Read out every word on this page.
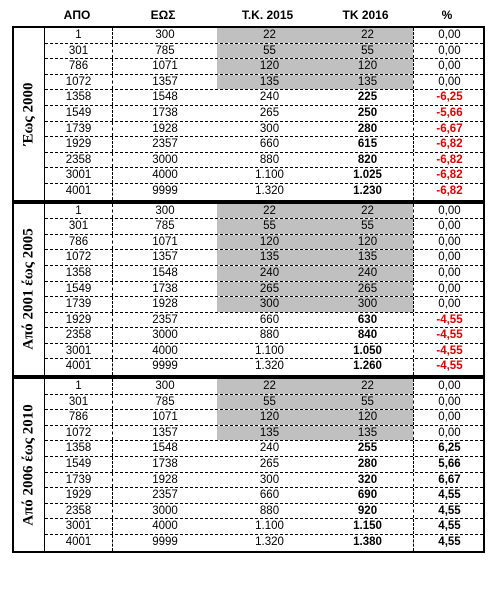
ΑΠΟ	ΕΩΣ	Τ.Κ. 2015	ΤΚ 2016	%
Έως 2000
1	300	22	22	0,00
301	785	55	55	0,00
786	1071	120	120	0,00
1072	1357	135	135	0,00
1358	1548	240	225	-6,25
1549	1738	265	250	-5,66
1739	1928	300	280	-6,67
1929	2357	660	615	-6,82
2358	3000	880	820	-6,82
3001	4000	1.100	1.025	-6,82
4001	9999	1.320	1.230	-6,82
Από 2001 έως 2005
1	300	22	22	0,00
301	785	55	55	0,00
786	1071	120	120	0,00
1072	1357	135	135	0,00
1358	1548	240	240	0,00
1549	1738	265	265	0,00
1739	1928	300	300	0,00
1929	2357	660	630	-4,55
2358	3000	880	840	-4,55
3001	4000	1.100	1.050	-4,55
4001	9999	1.320	1.260	-4,55
Από 2006 έως 2010
1	300	22	22	0,00
301	785	55	55	0,00
786	1071	120	120	0,00
1072	1357	135	135	0,00
1358	1548	240	255	6,25
1549	1738	265	280	5,66
1739	1928	300	320	6,67
1929	2357	660	690	4,55
2358	3000	880	920	4,55
3001	4000	1.100	1.150	4,55
4001	9999	1.320	1.380	4,55
